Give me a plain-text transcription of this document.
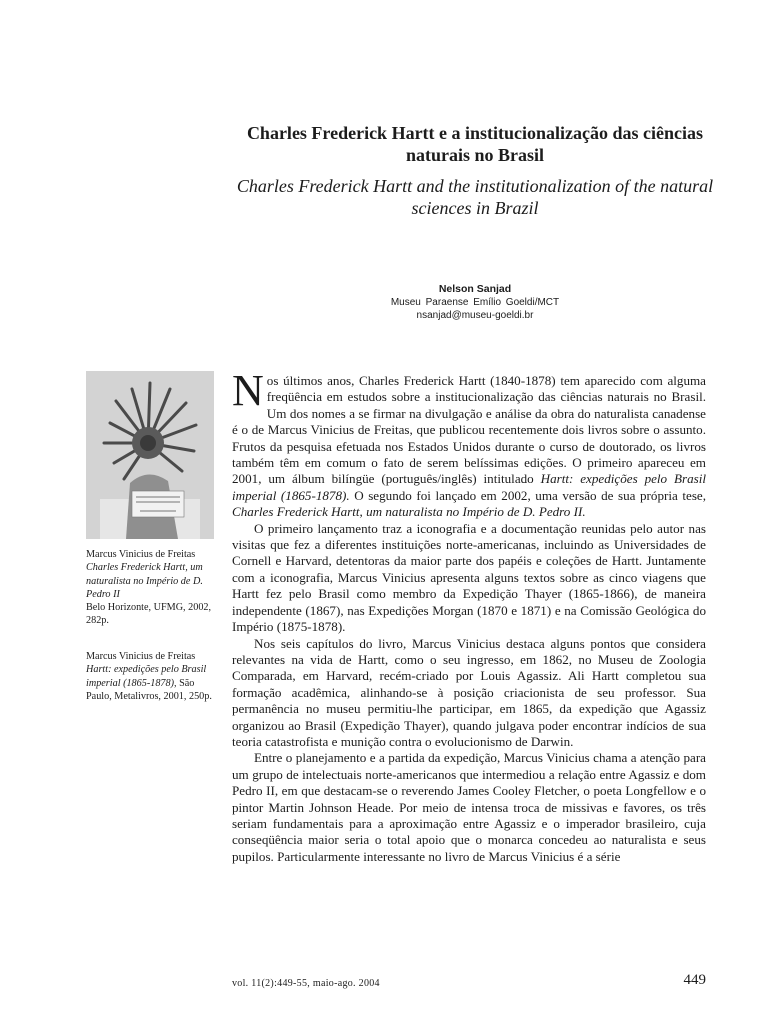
Charles Frederick Hartt e a institucionalização das ciências naturais no Brasil
Charles Frederick Hartt and the institutionalization of the natural sciences in Brazil
Nelson Sanjad
Museu Paraense Emílio Goeldi/MCT
nsanjad@museu-goeldi.br
Marcus Vinicius de Freitas
Charles Frederick Hartt, um naturalista no Império de D. Pedro II
Belo Horizonte, UFMG, 2002, 282p.
Marcus Vinicius de Freitas
Hartt: expedições pelo Brasil imperial (1865-1878), São Paulo, Metalivros, 2001, 250p.

Nos últimos anos, Charles Frederick Hartt (1840-1878) tem aparecido com alguma freqüência em estudos sobre a institucionalização das ciências naturais no Brasil. Um dos nomes a se firmar na divulgação e análise da obra do naturalista canadense é o de Marcus Vinicius de Freitas, que publicou recentemente dois livros sobre o assunto. Frutos da pesquisa efetuada nos Estados Unidos durante o curso de doutorado, os livros também têm em comum o fato de serem belíssimas edições. O primeiro apareceu em 2001, um álbum bilíngüe (português/inglês) intitulado Hartt: expedições pelo Brasil imperial (1865-1878). O segundo foi lançado em 2002, uma versão de sua própria tese, Charles Frederick Hartt, um naturalista no Império de D. Pedro II.

O primeiro lançamento traz a iconografia e a documentação reunidas pelo autor nas visitas que fez a diferentes instituições norte-americanas, incluindo as Universidades de Cornell e Harvard, detentoras da maior parte dos papéis e coleções de Hartt. Juntamente com a iconografia, Marcus Vinicius apresenta alguns textos sobre as cinco viagens que Hartt fez pelo Brasil como membro da Expedição Thayer (1865-1866), de maneira independente (1867), nas Expedições Morgan (1870 e 1871) e na Comissão Geológica do Império (1875-1878).

Nos seis capítulos do livro, Marcus Vinicius destaca alguns pontos que considera relevantes na vida de Hartt, como o seu ingresso, em 1862, no Museu de Zoologia Comparada, em Harvard, recém-criado por Louis Agassiz. Ali Hartt completou sua formação acadêmica, alinhando-se à posição criacionista de seu professor. Sua permanência no museu permitiu-lhe participar, em 1865, da expedição que Agassiz organizou ao Brasil (Expedição Thayer), quando julgava poder encontrar indícios de sua teoria catastrofista e munição contra o evolucionismo de Darwin.

Entre o planejamento e a partida da expedição, Marcus Vinicius chama a atenção para um grupo de intelectuais norte-americanos que intermediou a relação entre Agassiz e dom Pedro II, em que destacam-se o reverendo James Cooley Fletcher, o poeta Longfellow e o pintor Martin Johnson Heade. Por meio de intensa troca de missivas e favores, os três seriam fundamentais para a aproximação entre Agassiz e o imperador brasileiro, cuja conseqüência maior seria o total apoio que o monarca concedeu ao naturalista e seus pupilos. Particularmente interessante no livro de Marcus Vinicius é a série

vol. 11(2):449-55, maio-ago. 2004	449
